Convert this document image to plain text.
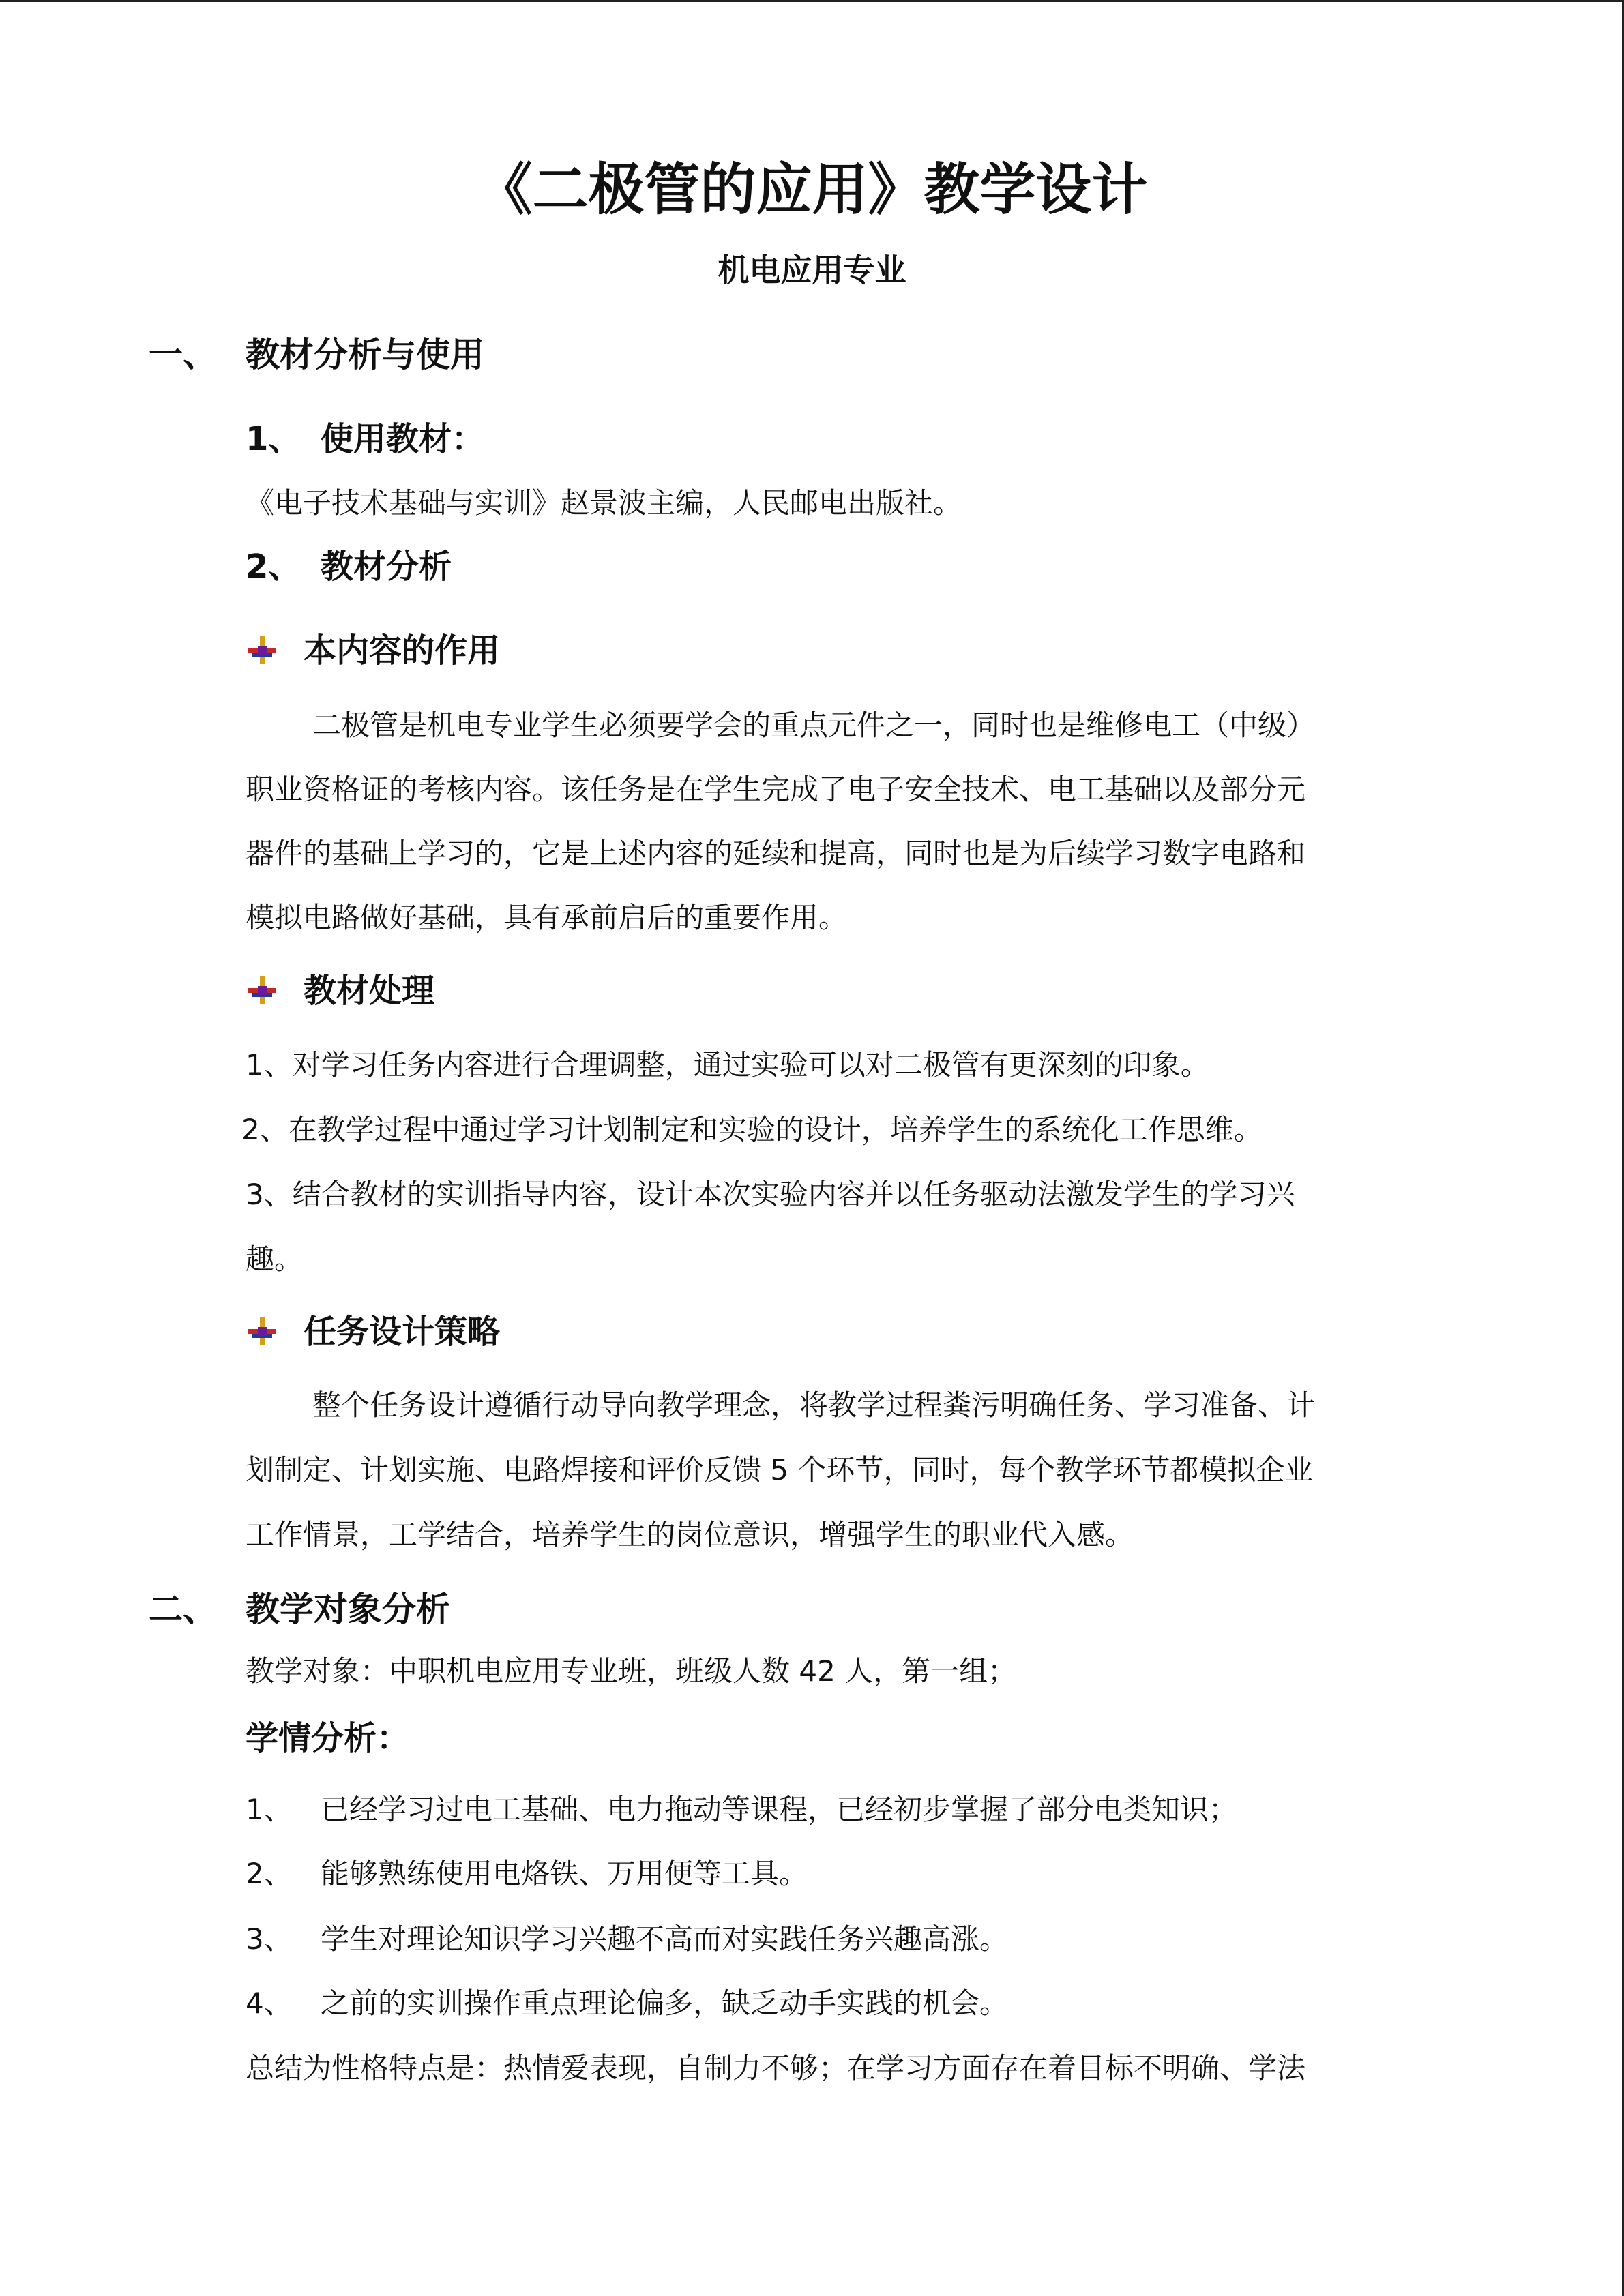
《二极管的应用》教学设计
机电应用专业
一、 教材分析与使用
1、 使用教材：
《电子技术基础与实训》赵景波主编，人民邮电出版社。
2、 教材分析
本内容的作用
二极管是机电专业学生必须要学会的重点元件之一，同时也是维修电工（中级）
职业资格证的考核内容。该任务是在学生完成了电子安全技术、电工基础以及部分元
器件的基础上学习的，它是上述内容的延续和提高，同时也是为后续学习数字电路和
模拟电路做好基础，具有承前启后的重要作用。
教材处理
1、对学习任务内容进行合理调整，通过实验可以对二极管有更深刻的印象。
2、在教学过程中通过学习计划制定和实验的设计，培养学生的系统化工作思维。
3、结合教材的实训指导内容，设计本次实验内容并以任务驱动法激发学生的学习兴
趣。
任务设计策略
整个任务设计遵循行动导向教学理念，将教学过程粪污明确任务、学习准备、计
划制定、计划实施、电路焊接和评价反馈 5 个环节，同时，每个教学环节都模拟企业
工作情景，工学结合，培养学生的岗位意识，增强学生的职业代入感。
二、 教学对象分析
教学对象：中职机电应用专业班，班级人数 42 人，第一组；
学情分析：
1、 已经学习过电工基础、电力拖动等课程，已经初步掌握了部分电类知识；
2、 能够熟练使用电烙铁、万用便等工具。
3、 学生对理论知识学习兴趣不高而对实践任务兴趣高涨。
4、 之前的实训操作重点理论偏多，缺乏动手实践的机会。
总结为性格特点是：热情爱表现，自制力不够；在学习方面存在着目标不明确、学法
